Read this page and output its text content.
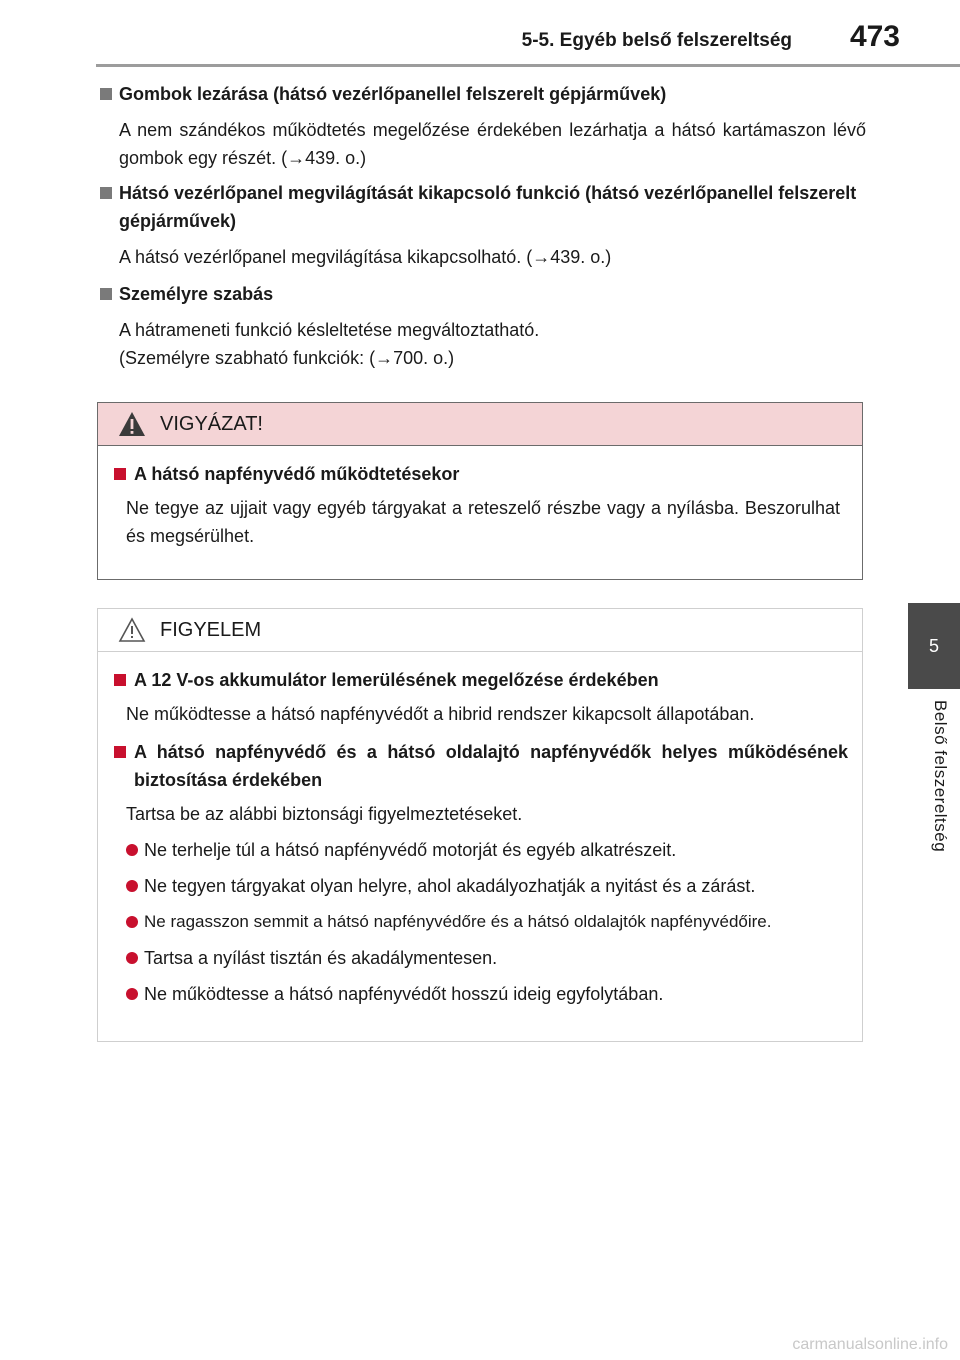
5-5. Egyéb belső felszereltség	473
5
Belső felszereltség
Gombok lezárása (hátsó vezérlőpanellel felszerelt gépjárművek)
A nem szándékos működtetés megelőzése érdekében lezárhatja a hátsó kartámaszon lévő gombok egy részét. (→439. o.)
Hátsó vezérlőpanel megvilágítását kikapcsoló funkció (hátsó vezérlőpanellel felszerelt gépjárművek)
A hátsó vezérlőpanel megvilágítása kikapcsolható. (→439. o.)
Személyre szabás
A hátrameneti funkció késleltetése megváltoztatható.
(Személyre szabható funkciók: (→700. o.)
VIGYÁZAT!
A hátsó napfényvédő működtetésekor
Ne tegye az ujjait vagy egyéb tárgyakat a reteszelő részbe vagy a nyílásba. Beszorulhat és megsérülhet.
FIGYELEM
A 12 V-os akkumulátor lemerülésének megelőzése érdekében
Ne működtesse a hátsó napfényvédőt a hibrid rendszer kikapcsolt állapotában.
A hátsó napfényvédő és a hátsó oldalajtó napfényvédők helyes működésének biztosítása érdekében
Tartsa be az alábbi biztonsági figyelmeztetéseket.
Ne terhelje túl a hátsó napfényvédő motorját és egyéb alkatrészeit.
Ne tegyen tárgyakat olyan helyre, ahol akadályozhatják a nyitást és a zárást.
Ne ragasszon semmit a hátsó napfényvédőre és a hátsó oldalajtók napfényvédőire.
Tartsa a nyílást tisztán és akadálymentesen.
Ne működtesse a hátsó napfényvédőt hosszú ideig egyfolytában.
carmanualsonline.info
